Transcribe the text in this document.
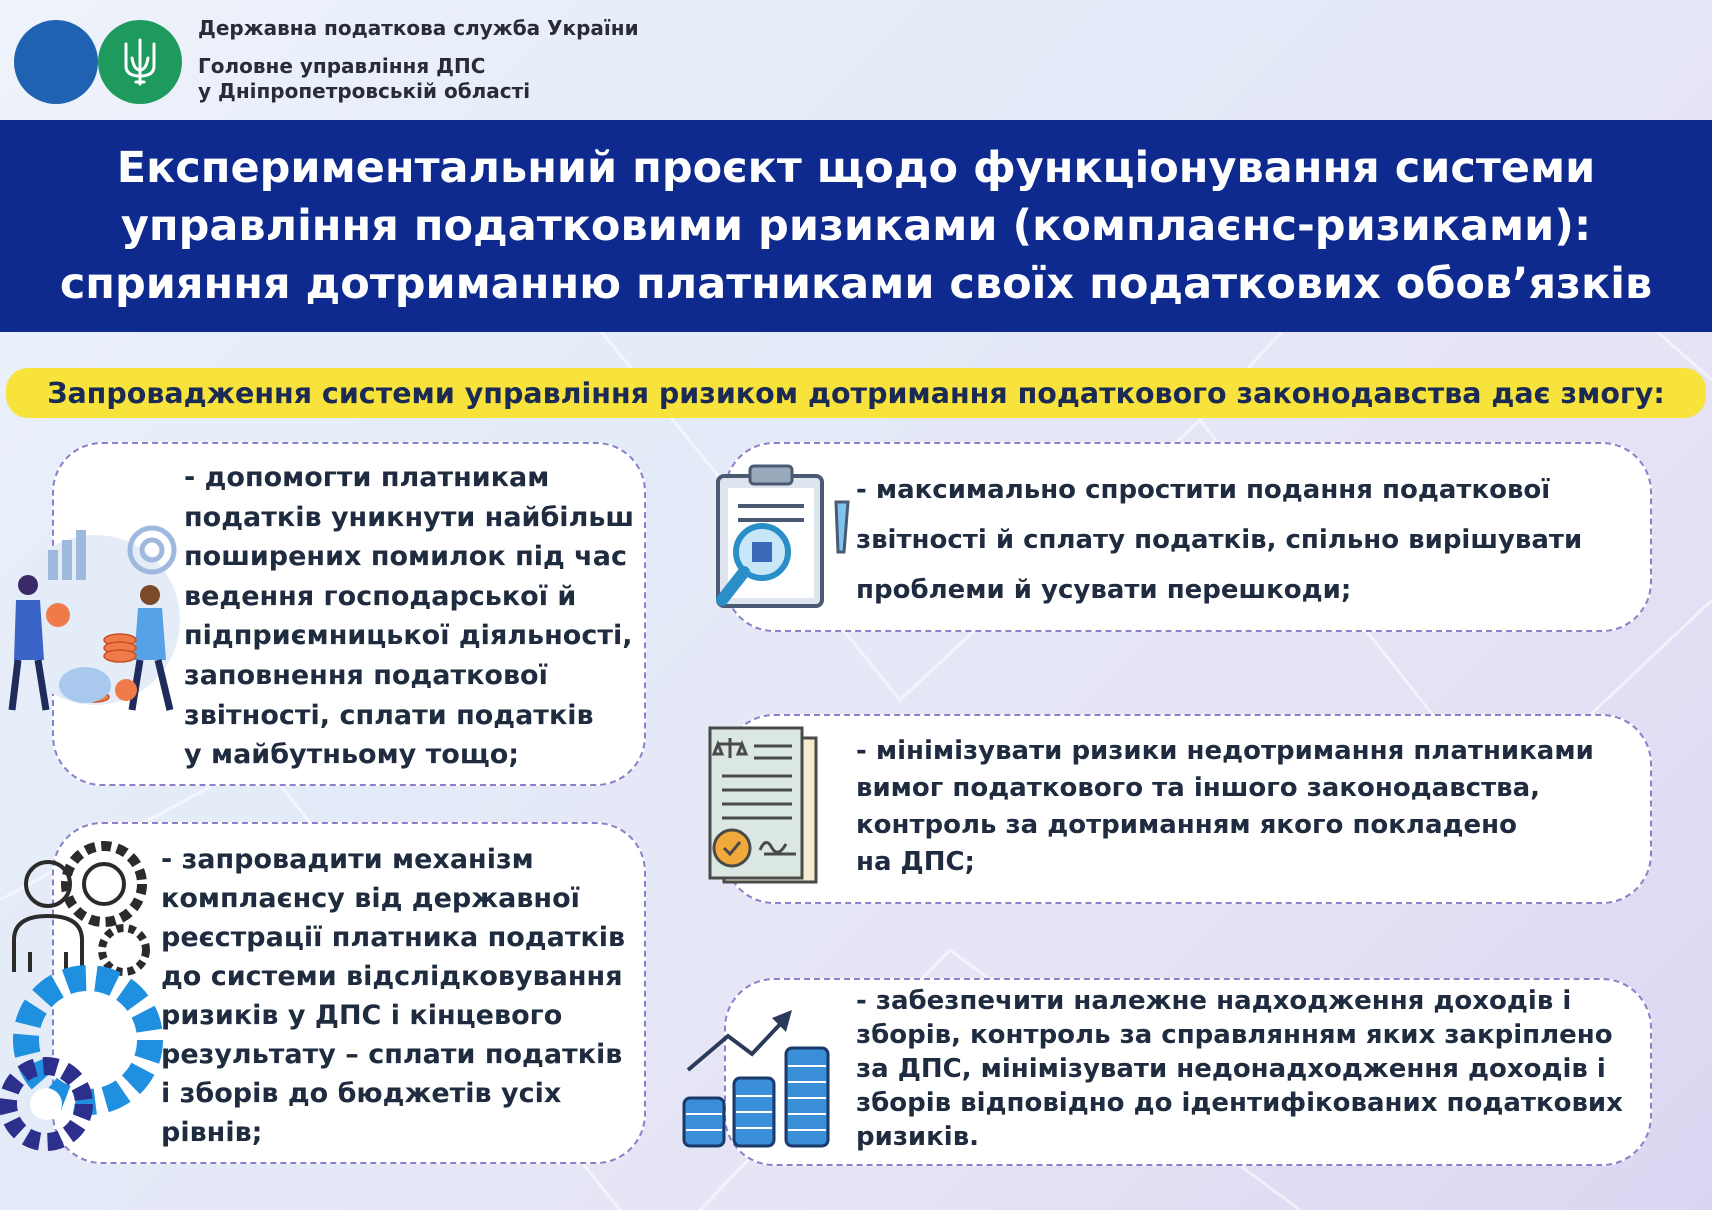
Державна податкова служба України
Головне управління ДПС
у Дніпропетровській області
Експериментальний проєкт щодо функціонування системи
управління податковими ризиками (комплаєнс-ризиками):
сприяння дотриманню платниками своїх податкових обов’язків
Запровадження системи управління ризиком дотримання податкового законодавства дає змогу:
- допомогти платникам
податків уникнути найбільш
поширених помилок під час
ведення господарської й
підприємницької діяльності,
заповнення податкової
звітності, сплати податків
у майбутньому тощо;
- запровадити механізм
комплаєнсу від державної
реєстрації платника податків
до системи відслідковування
ризиків у ДПС і кінцевого
результату – сплати податків
і зборів до бюджетів усіх
рівнів;
- максимально спростити подання податкової
звітності й сплату податків, спільно вирішувати
проблеми й усувати перешкоди;
- мінімізувати ризики недотримання платниками
вимог податкового та іншого законодавства,
контроль за дотриманням якого покладено
на ДПС;
- забезпечити належне надходження доходів і
зборів, контроль за справлянням яких закріплено
за ДПС, мінімізувати недонадходження доходів і
зборів відповідно до ідентифікованих податкових
ризиків.
